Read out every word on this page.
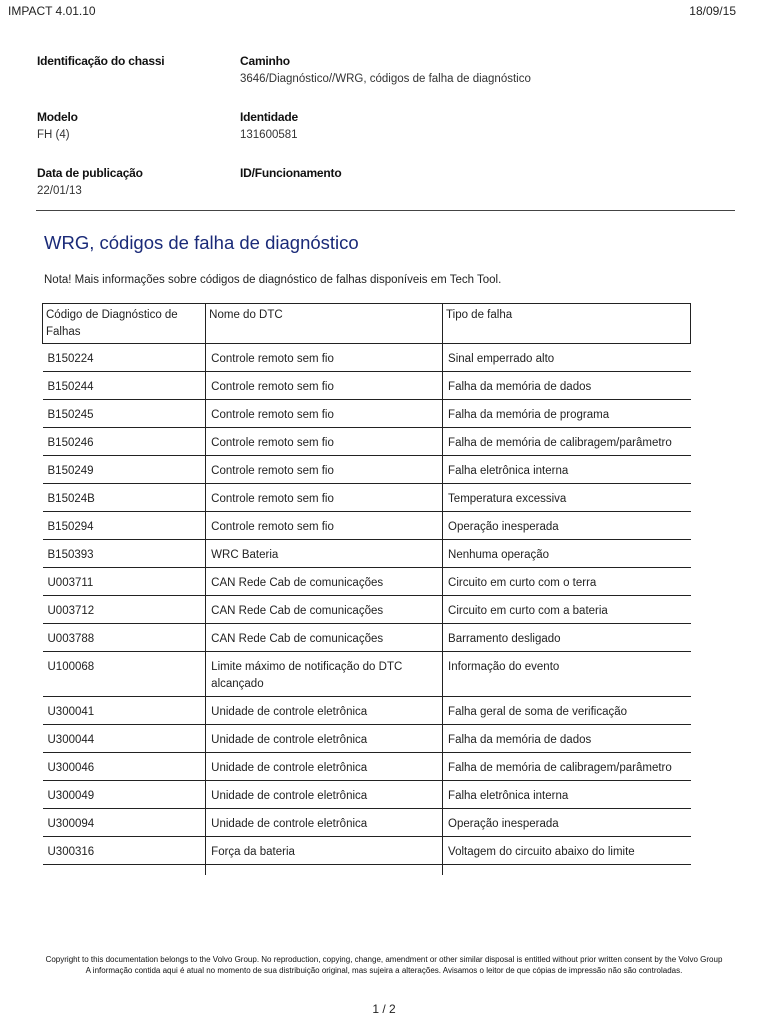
IMPACT 4.01.10	18/09/15
Identificação do chassi	Caminho
3646/Diagnóstico//WRG, códigos de falha de diagnóstico
Modelo
FH (4)
Identidade
131600581
Data de publicação
22/01/13
ID/Funcionamento
WRG, códigos de falha de diagnóstico
Nota! Mais informações sobre códigos de diagnóstico de falhas disponíveis em Tech Tool.
Código de Diagnóstico de Falhas	Nome do DTC	Tipo de falha
B150224	Controle remoto sem fio	Sinal emperrado alto
B150244	Controle remoto sem fio	Falha da memória de dados
B150245	Controle remoto sem fio	Falha da memória de programa
B150246	Controle remoto sem fio	Falha de memória de calibragem/parâmetro
B150249	Controle remoto sem fio	Falha eletrônica interna
B15024B	Controle remoto sem fio	Temperatura excessiva
B150294	Controle remoto sem fio	Operação inesperada
B150393	WRC Bateria	Nenhuma operação
U003711	CAN Rede Cab de comunicações	Circuito em curto com o terra
U003712	CAN Rede Cab de comunicações	Circuito em curto com a bateria
U003788	CAN Rede Cab de comunicações	Barramento desligado
U100068	Limite máximo de notificação do DTC alcançado	Informação do evento
U300041	Unidade de controle eletrônica	Falha geral de soma de verificação
U300044	Unidade de controle eletrônica	Falha da memória de dados
U300046	Unidade de controle eletrônica	Falha de memória de calibragem/parâmetro
U300049	Unidade de controle eletrônica	Falha eletrônica interna
U300094	Unidade de controle eletrônica	Operação inesperada
U300316	Força da bateria	Voltagem do circuito abaixo do limite

Copyright to this documentation belongs to the Volvo Group. No reproduction, copying, change, amendment or other similar disposal is entitled without prior written consent by the Volvo Group
A informação contida aqui é atual no momento de sua distribuição original, mas sujeira a alterações. Avisamos o leitor de que cópias de impressão não são controladas.
1 / 2
